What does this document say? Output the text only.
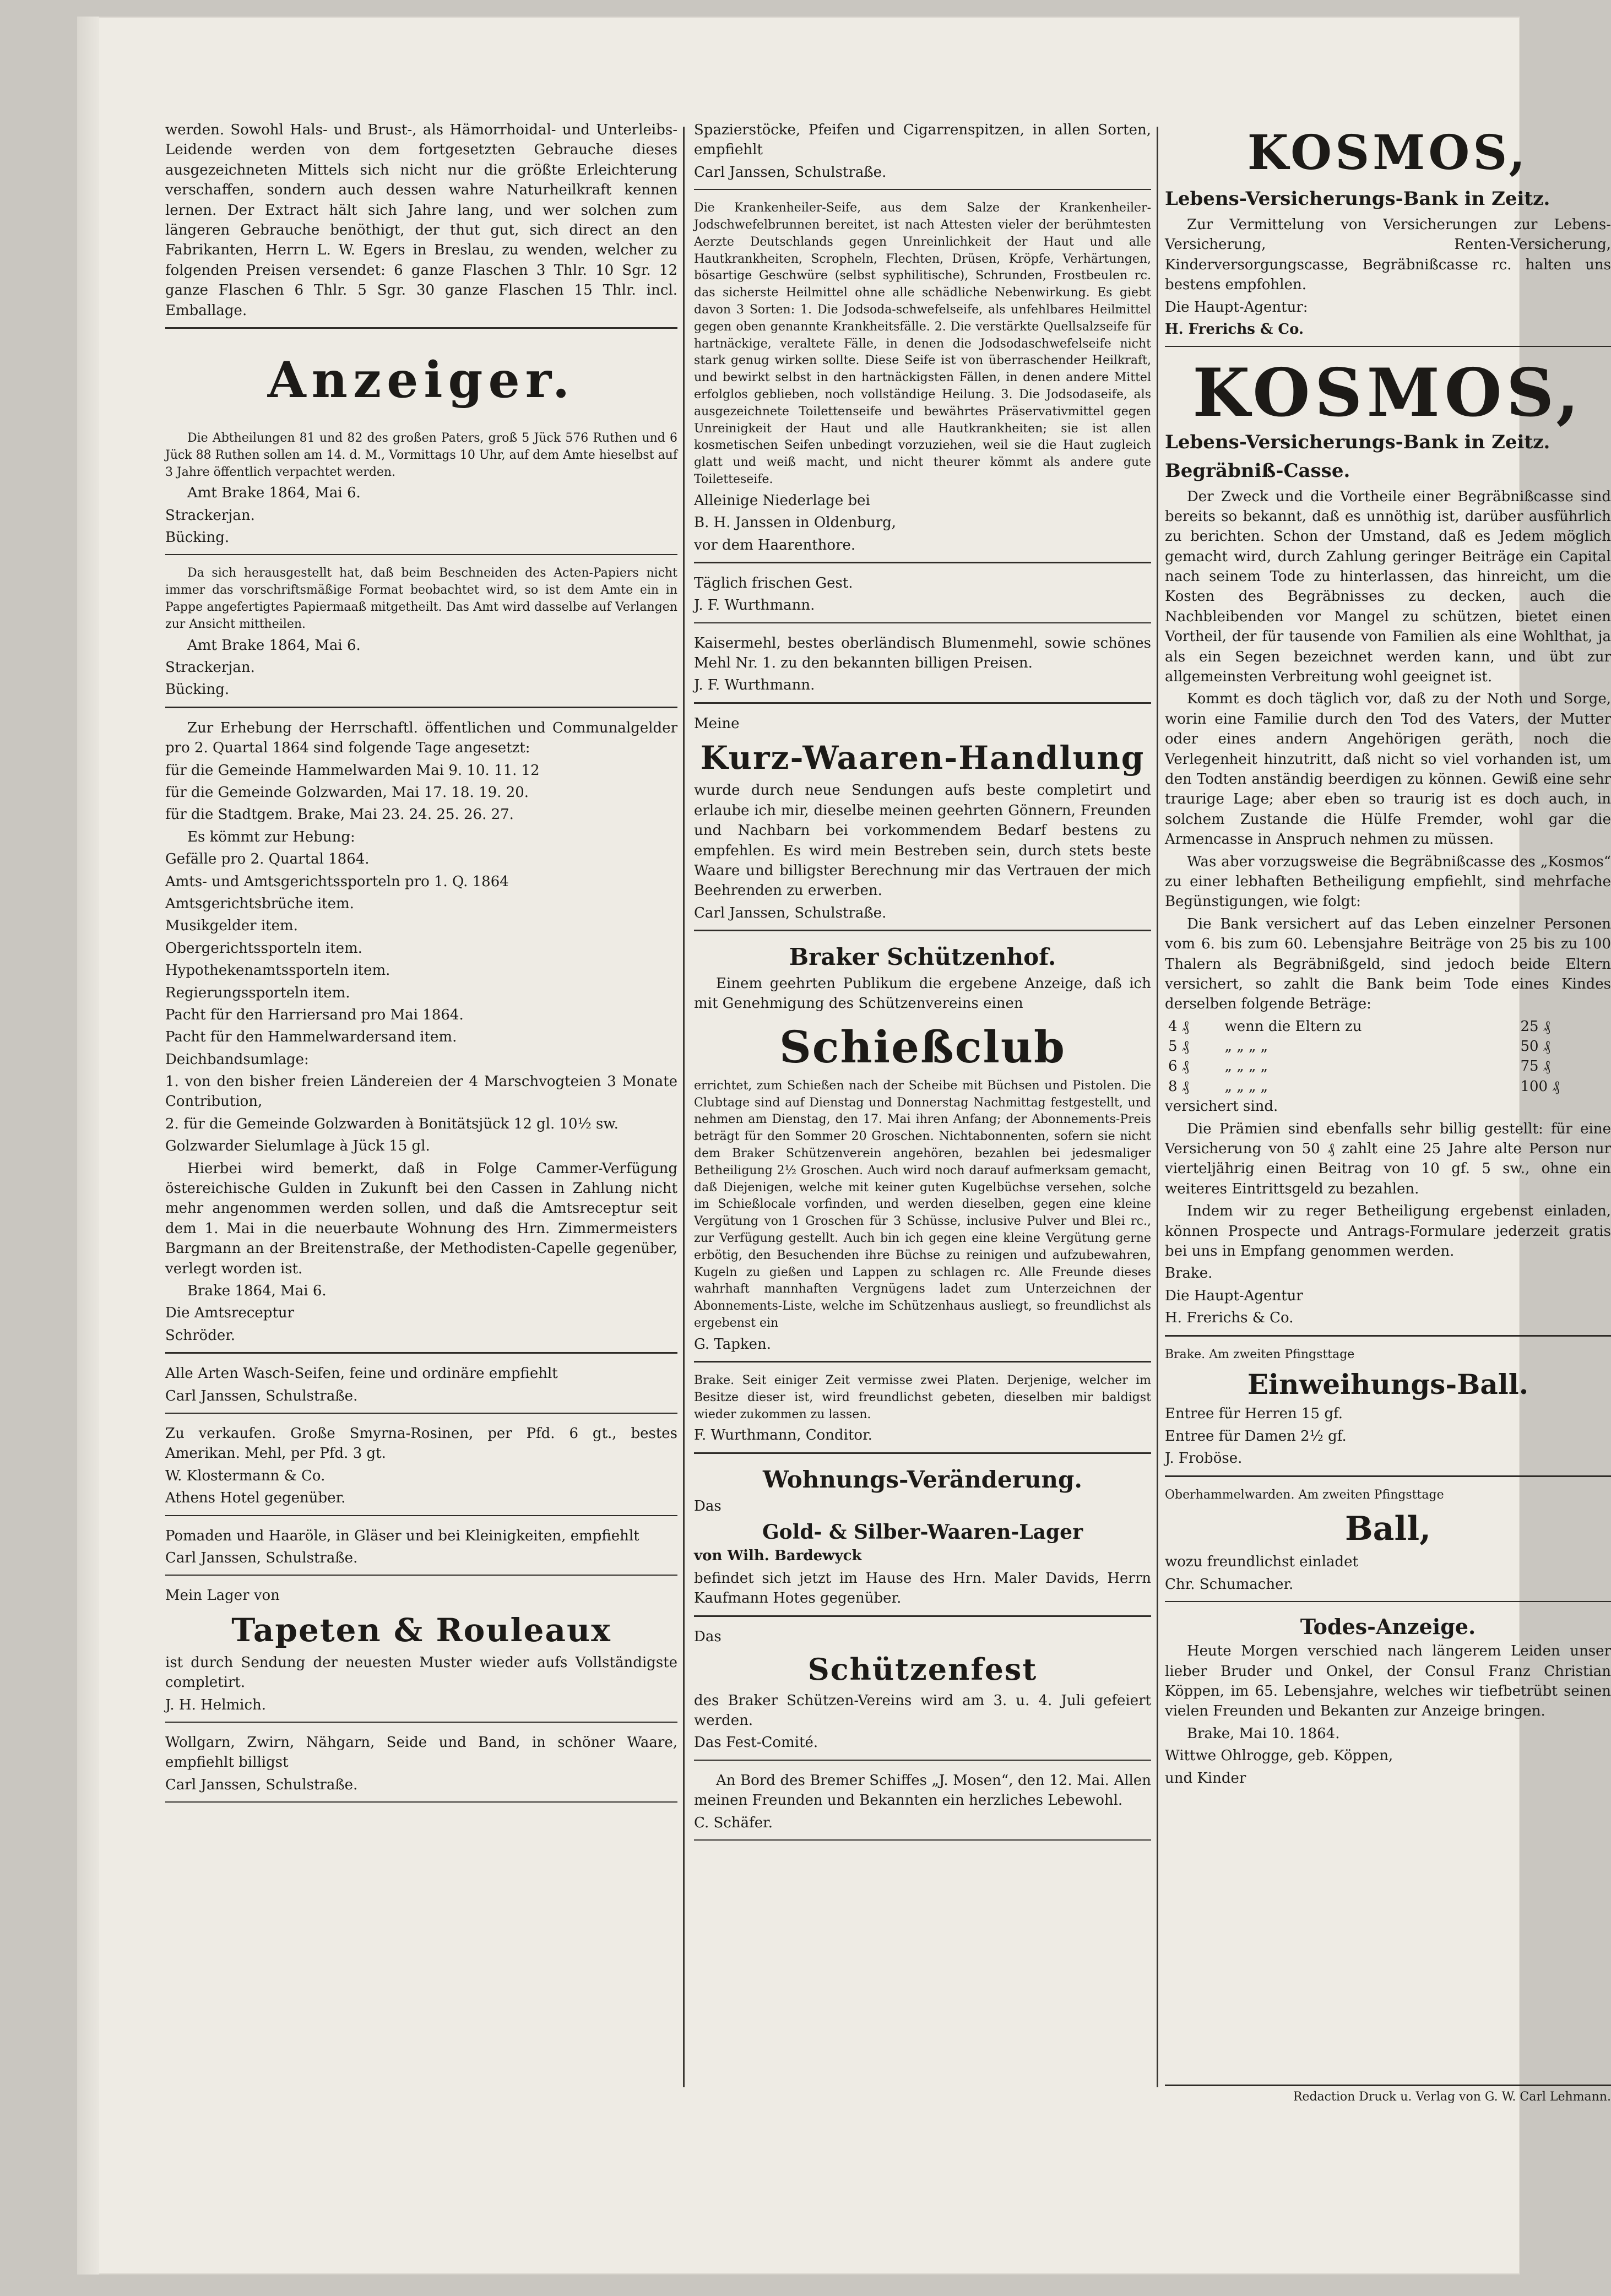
werden. Sowohl Hals- und Brust-, als Hämorrhoidal- und Unterleibs-Leidende werden von dem fortgesetzten Gebrauche dieses ausgezeichneten Mittels sich nicht nur die größte Erleichterung verschaffen, sondern auch dessen wahre Naturheilkraft kennen lernen. Der Extract hält sich Jahre lang, und wer solchen zum längeren Gebrauche benöthigt, der thut gut, sich direct an den Fabrikanten, Herrn L. W. Egers in Breslau, zu wenden, welcher zu folgenden Preisen versendet: 6 ganze Flaschen 3 Thlr. 10 Sgr. 12 ganze Flaschen 6 Thlr. 5 Sgr. 30 ganze Flaschen 15 Thlr. incl. Emballage.

Anzeiger.

Die Abtheilungen 81 und 82 des großen Paters, groß 5 Jück 576 Ruthen und 6 Jück 88 Ruthen sollen am 14. d. M., Vormittags 10 Uhr, auf dem Amte hieselbst auf 3 Jahre öffentlich verpachtet werden.

Amt Brake 1864, Mai 6.

Strackerjan.

Bücking.

Da sich herausgestellt hat, daß beim Beschneiden des Acten-Papiers nicht immer das vorschriftsmäßige Format beobachtet wird, so ist dem Amte ein in Pappe angefertigtes Papiermaaß mitgetheilt. Das Amt wird dasselbe auf Verlangen zur Ansicht mittheilen.

Amt Brake 1864, Mai 6.

Strackerjan.

Bücking.

Zur Erhebung der Herrschaftl. öffentlichen und Communalgelder pro 2. Quartal 1864 sind folgende Tage angesetzt:

für die Gemeinde Hammelwarden Mai 9. 10. 11. 12

für die Gemeinde Golzwarden, Mai 17. 18. 19. 20.

für die Stadtgem. Brake, Mai 23. 24. 25. 26. 27.

Es kömmt zur Hebung:

Gefälle pro 2. Quartal 1864.

Amts- und Amtsgerichtssporteln pro 1. Q. 1864

Amtsgerichtsbrüche item.

Musikgelder item.

Obergerichtssporteln item.

Hypothekenamtssporteln item.

Regierungssporteln item.

Pacht für den Harriersand pro Mai 1864.

Pacht für den Hammelwardersand item.

Deichbandsumlage:

1. von den bisher freien Ländereien der 4 Marschvogteien 3 Monate Contribution,

2. für die Gemeinde Golzwarden à Bonitätsjück 12 gl. 10½ sw.

Golzwarder Sielumlage à Jück 15 gl.

Hierbei wird bemerkt, daß in Folge Cammer-Verfügung östereichische Gulden in Zukunft bei den Cassen in Zahlung nicht mehr angenommen werden sollen, und daß die Amtsreceptur seit dem 1. Mai in die neuerbaute Wohnung des Hrn. Zimmermeisters Bargmann an der Breitenstraße, der Methodisten-Capelle gegenüber, verlegt worden ist.

Brake 1864, Mai 6.

Die Amtsreceptur

Schröder.

Alle Arten Wasch-Seifen, feine und ordinäre empfiehlt

Carl Janssen, Schulstraße.

Zu verkaufen. Große Smyrna-Rosinen, per Pfd. 6 gt., bestes Amerikan. Mehl, per Pfd. 3 gt.

W. Klostermann & Co.

Athens Hotel gegenüber.

Pomaden und Haaröle, in Gläser und bei Kleinigkeiten, empfiehlt

Carl Janssen, Schulstraße.

Mein Lager von

Tapeten & Rouleaux

ist durch Sendung der neuesten Muster wieder aufs Vollständigste completirt.

J. H. Helmich.

Wollgarn, Zwirn, Nähgarn, Seide und Band, in schöner Waare, empfiehlt billigst

Carl Janssen, Schulstraße.

Spazierstöcke, Pfeifen und Cigarrenspitzen, in allen Sorten, empfiehlt

Carl Janssen, Schulstraße.

Die Krankenheiler-Seife, aus dem Salze der Krankenheiler-Jodschwefelbrunnen bereitet, ist nach Attesten vieler der berühmtesten Aerzte Deutschlands gegen Unreinlichkeit der Haut und alle Hautkrankheiten, Scropheln, Flechten, Drüsen, Kröpfe, Verhärtungen, bösartige Geschwüre (selbst syphilitische), Schrunden, Frostbeulen rc. das sicherste Heilmittel ohne alle schädliche Nebenwirkung. Es giebt davon 3 Sorten: 1. Die Jodsoda-schwefelseife, als unfehlbares Heilmittel gegen oben genannte Krankheitsfälle. 2. Die verstärkte Quellsalzseife für hartnäckige, veraltete Fälle, in denen die Jodsodaschwefelseife nicht stark genug wirken sollte. Diese Seife ist von überraschender Heilkraft, und bewirkt selbst in den hartnäckigsten Fällen, in denen andere Mittel erfolglos geblieben, noch vollständige Heilung. 3. Die Jodsodaseife, als ausgezeichnete Toilettenseife und bewährtes Präservativmittel gegen Unreinigkeit der Haut und alle Hautkrankheiten; sie ist allen kosmetischen Seifen unbedingt vorzuziehen, weil sie die Haut zugleich glatt und weiß macht, und nicht theurer kömmt als andere gute Toiletteseife.

Alleinige Niederlage bei

B. H. Janssen in Oldenburg,

vor dem Haarenthore.

Täglich frischen Gest.

J. F. Wurthmann.

Kaisermehl, bestes oberländisch Blumenmehl, sowie schönes Mehl Nr. 1. zu den bekannten billigen Preisen.

J. F. Wurthmann.

Meine

Kurz-Waaren-Handlung

wurde durch neue Sendungen aufs beste completirt und erlaube ich mir, dieselbe meinen geehrten Gönnern, Freunden und Nachbarn bei vorkommendem Bedarf bestens zu empfehlen. Es wird mein Bestreben sein, durch stets beste Waare und billigster Berechnung mir das Vertrauen der mich Beehrenden zu erwerben.

Carl Janssen, Schulstraße.

Braker Schützenhof.

Einem geehrten Publikum die ergebene Anzeige, daß ich mit Genehmigung des Schützenvereins einen

Schießclub

errichtet, zum Schießen nach der Scheibe mit Büchsen und Pistolen. Die Clubtage sind auf Dienstag und Donnerstag Nachmittag festgestellt, und nehmen am Dienstag, den 17. Mai ihren Anfang; der Abonnements-Preis beträgt für den Sommer 20 Groschen. Nichtabonnenten, sofern sie nicht dem Braker Schützenverein angehören, bezahlen bei jedesmaliger Betheiligung 2½ Groschen. Auch wird noch darauf aufmerksam gemacht, daß Diejenigen, welche mit keiner guten Kugelbüchse versehen, solche im Schießlocale vorfinden, und werden dieselben, gegen eine kleine Vergütung von 1 Groschen für 3 Schüsse, inclusive Pulver und Blei rc., zur Verfügung gestellt. Auch bin ich gegen eine kleine Vergütung gerne erbötig, den Besuchenden ihre Büchse zu reinigen und aufzubewahren, Kugeln zu gießen und Lappen zu schlagen rc. Alle Freunde dieses wahrhaft mannhaften Vergnügens ladet zum Unterzeichnen der Abonnements-Liste, welche im Schützenhaus ausliegt, so freundlichst als ergebenst ein

G. Tapken.

Brake. Seit einiger Zeit vermisse zwei Platen. Derjenige, welcher im Besitze dieser ist, wird freundlichst gebeten, dieselben mir baldigst wieder zukommen zu lassen.

F. Wurthmann, Conditor.

Wohnungs-Veränderung.

Das

Gold- & Silber-Waaren-Lager

von Wilh. Bardewyck

befindet sich jetzt im Hause des Hrn. Maler Davids, Herrn Kaufmann Hotes gegenüber.

Das

Schützenfest

des Braker Schützen-Vereins wird am 3. u. 4. Juli gefeiert werden.

Das Fest-Comité.

An Bord des Bremer Schiffes „J. Mosen“, den 12. Mai. Allen meinen Freunden und Bekannten ein herzliches Lebewohl.

C. Schäfer.

KOSMOS,

Lebens-Versicherungs-Bank in Zeitz.

Zur Vermittelung von Versicherungen zur Lebens-Versicherung, Renten-Versicherung, Kinderversorgungscasse, Begräbnißcasse rc. halten uns bestens empfohlen.

Die Haupt-Agentur:

H. Frerichs & Co.

KOSMOS,

Lebens-Versicherungs-Bank in Zeitz.

Begräbniß-Casse.

Der Zweck und die Vortheile einer Begräbnißcasse sind bereits so bekannt, daß es unnöthig ist, darüber ausführlich zu berichten. Schon der Umstand, daß es Jedem möglich gemacht wird, durch Zahlung geringer Beiträge ein Capital nach seinem Tode zu hinterlassen, das hinreicht, um die Kosten des Begräbnisses zu decken, auch die Nachbleibenden vor Mangel zu schützen, bietet einen Vortheil, der für tausende von Familien als eine Wohlthat, ja als ein Segen bezeichnet werden kann, und übt zur allgemeinsten Verbreitung wohl geeignet ist.

Kommt es doch täglich vor, daß zu der Noth und Sorge, worin eine Familie durch den Tod des Vaters, der Mutter oder eines andern Angehörigen geräth, noch die Verlegenheit hinzutritt, daß nicht so viel vorhanden ist, um den Todten anständig beerdigen zu können. Gewiß eine sehr traurige Lage; aber eben so traurig ist es doch auch, in solchem Zustande die Hülfe Fremder, wohl gar die Armencasse in Anspruch nehmen zu müssen.

Was aber vorzugsweise die Begräbnißcasse des „Kosmos“ zu einer lebhaften Betheiligung empfiehlt, sind mehrfache Begünstigungen, wie folgt:

Die Bank versichert auf das Leben einzelner Personen vom 6. bis zum 60. Lebensjahre Beiträge von 25 bis zu 100 Thalern als Begräbnißgeld, sind jedoch beide Eltern versichert, so zahlt die Bank beim Tode eines Kindes derselben folgende Beträge:

4 ₰	wenn die Eltern zu	25 ₰
5 ₰	„ „ „ „	50 ₰
6 ₰	„ „ „ „	75 ₰
8 ₰	„ „ „ „	100 ₰

versichert sind.

Die Prämien sind ebenfalls sehr billig gestellt: für eine Versicherung von 50 ₰ zahlt eine 25 Jahre alte Person nur vierteljährig einen Beitrag von 10 gf. 5 sw., ohne ein weiteres Eintrittsgeld zu bezahlen.

Indem wir zu reger Betheiligung ergebenst einladen, können Prospecte und Antrags-Formulare jederzeit gratis bei uns in Empfang genommen werden.

Brake.

Die Haupt-Agentur

H. Frerichs & Co.

Brake. Am zweiten Pfingsttage

Einweihungs-Ball.

Entree für Herren 15 gf.

Entree für Damen 2½ gf.

J. Froböse.

Oberhammelwarden. Am zweiten Pfingsttage

Ball,

wozu freundlichst einladet

Chr. Schumacher.

Todes-Anzeige.

Heute Morgen verschied nach längerem Leiden unser lieber Bruder und Onkel, der Consul Franz Christian Köppen, im 65. Lebensjahre, welches wir tiefbetrübt seinen vielen Freunden und Bekanten zur Anzeige bringen.

Brake, Mai 10. 1864.

Wittwe Ohlrogge, geb. Köppen,

und Kinder

Redaction Druck u. Verlag von G. W. Carl Lehmann.
